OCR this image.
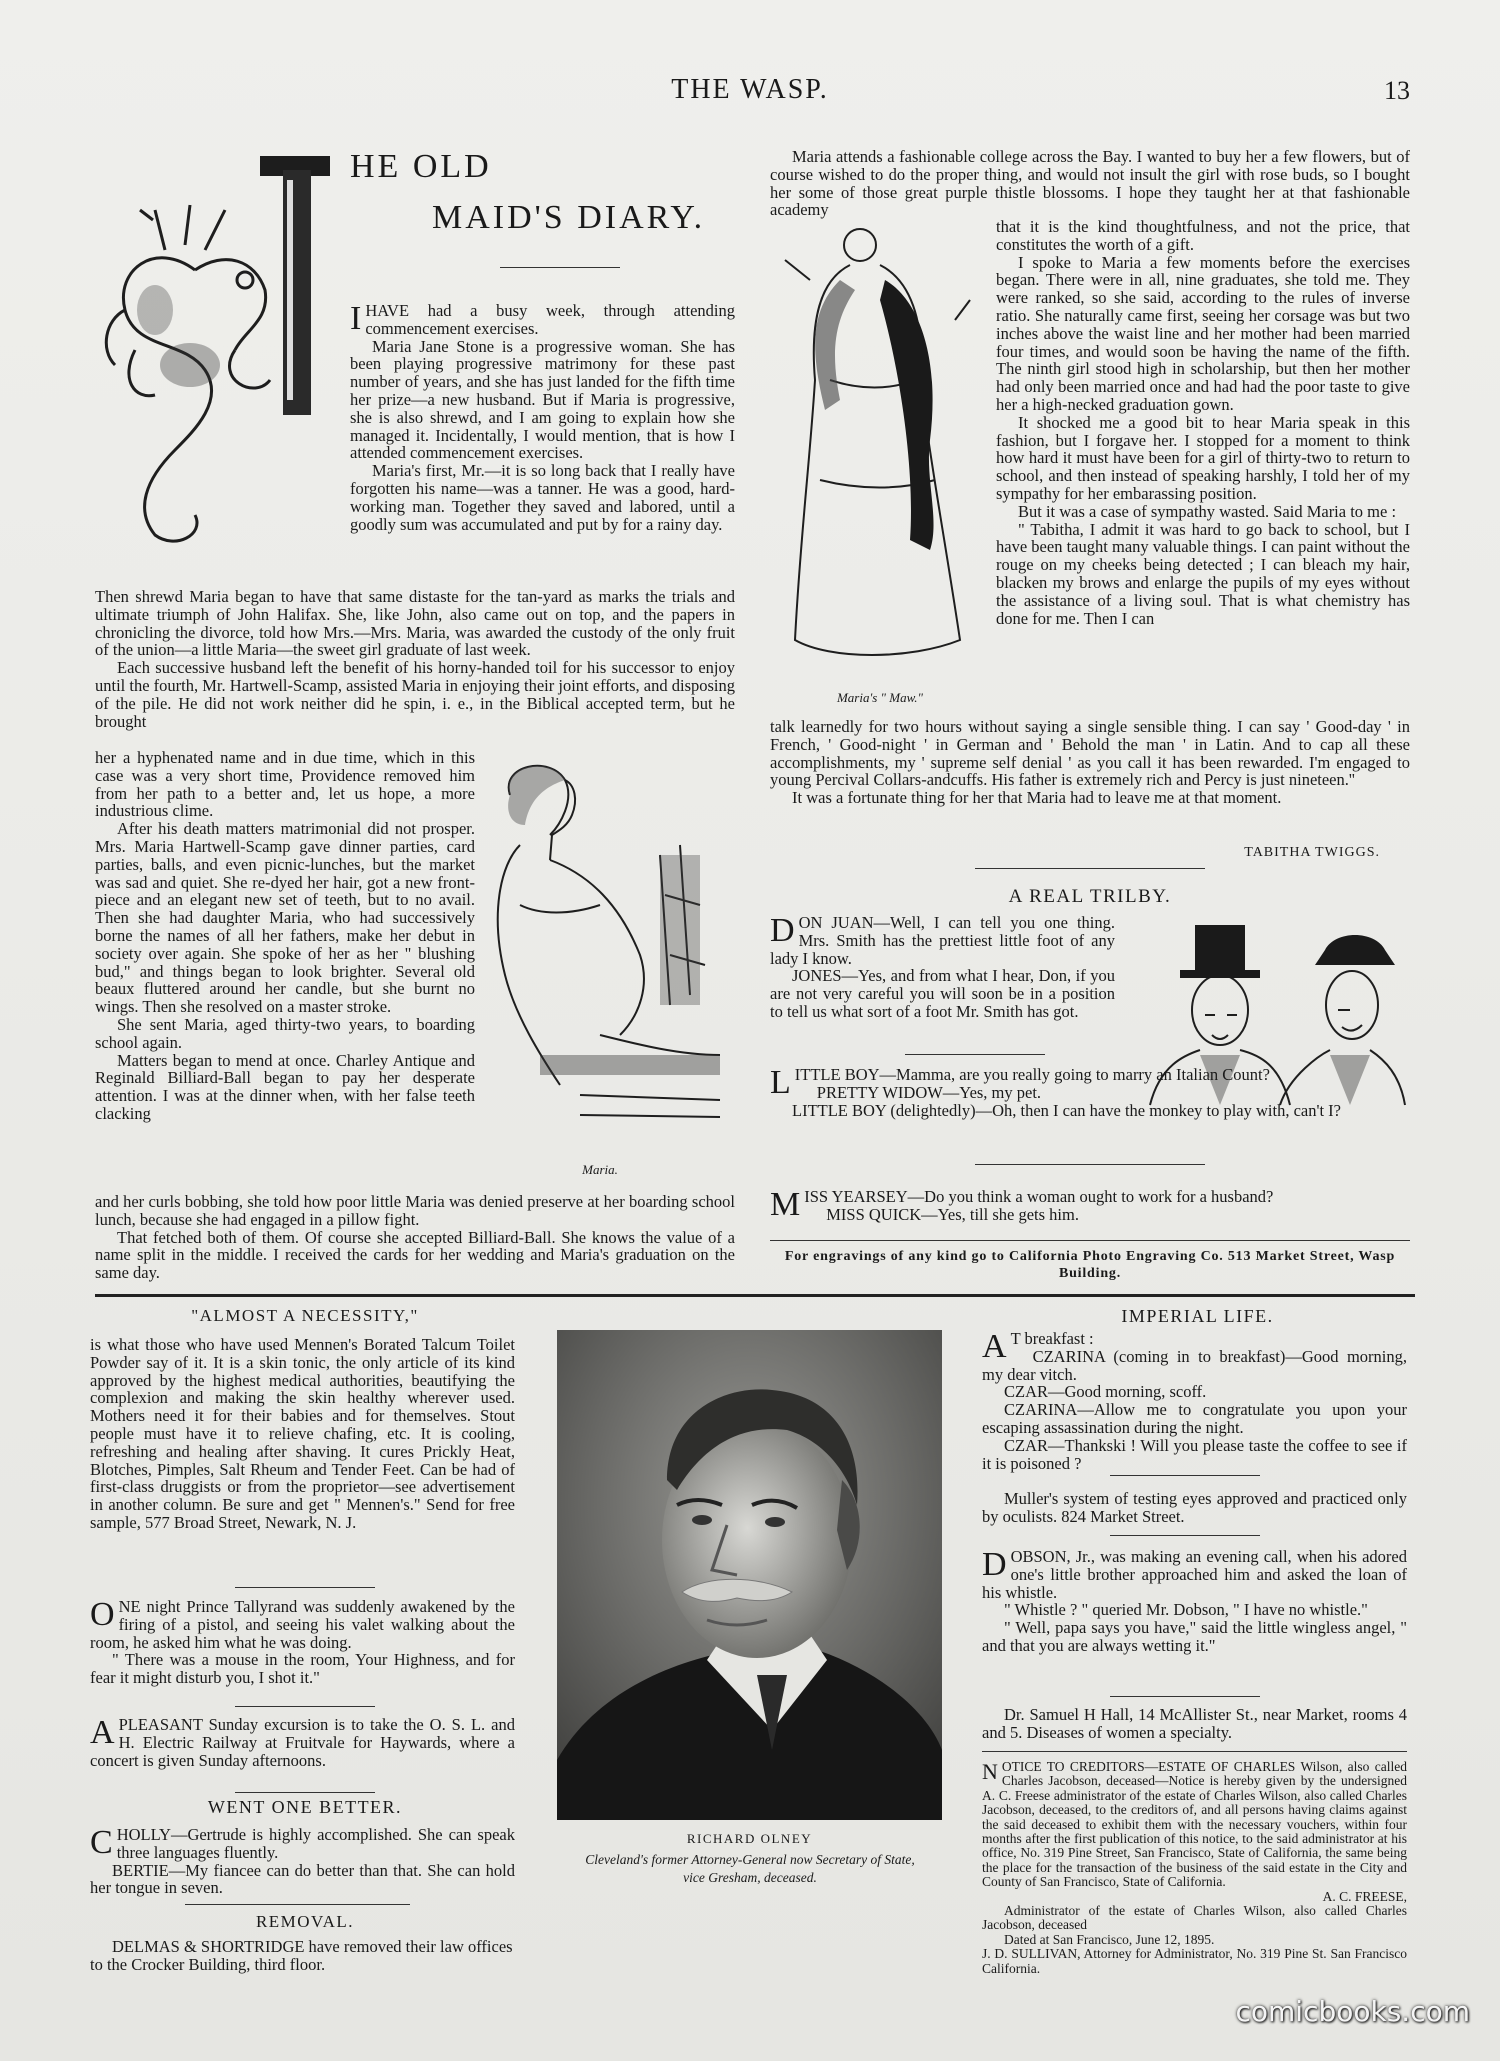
THE WASP.	13
HE OLD
MAID'S DIARY.

IHAVE had a busy week, through attending commencement exercises.

Maria Jane Stone is a progressive woman. She has been playing progressive matrimony for these past number of years, and she has just landed for the fifth time her prize—a new husband. But if Maria is progressive, she is also shrewd, and I am going to explain how she managed it. Incidentally, I would mention, that is how I attended commencement exercises.

Maria's first, Mr.—it is so long back that I really have forgotten his name—was a tanner. He was a good, hard-working man. Together they saved and labored, until a goodly sum was accumulated and put by for a rainy day.

Then shrewd Maria began to have that same distaste for the tan-yard as marks the trials and ultimate triumph of John Halifax. She, like John, also came out on top, and the papers in chronicling the divorce, told how Mrs.—Mrs. Maria, was awarded the custody of the only fruit of the union—a little Maria—the sweet girl graduate of last week.

Each successive husband left the benefit of his horny-handed toil for his successor to enjoy until the fourth, Mr. Hartwell-Scamp, assisted Maria in enjoying their joint efforts, and disposing of the pile. He did not work neither did he spin, i. e., in the Biblical accepted term, but he brought

her a hyphenated name and in due time, which in this case was a very short time, Providence removed him from her path to a better and, let us hope, a more industrious clime.

After his death matters matrimonial did not prosper. Mrs. Maria Hartwell-Scamp gave dinner parties, card parties, balls, and even picnic-lunches, but the market was sad and quiet. She re-dyed her hair, got a new front-piece and an elegant new set of teeth, but to no avail. Then she had daughter Maria, who had successively borne the names of all her fathers, make her debut in society over again. She spoke of her as her " blushing bud," and things began to look brighter. Several old beaux fluttered around her candle, but she burnt no wings. Then she resolved on a master stroke.

She sent Maria, aged thirty-two years, to boarding school again.

Matters began to mend at once. Charley Antique and Reginald Billiard-Ball began to pay her desperate attention. I was at the dinner when, with her false teeth clacking

Maria.

and her curls bobbing, she told how poor little Maria was denied preserve at her boarding school lunch, because she had engaged in a pillow fight.

That fetched both of them. Of course she accepted Billiard-Ball. She knows the value of a name split in the middle. I received the cards for her wedding and Maria's graduation on the same day.

Maria attends a fashionable college across the Bay. I wanted to buy her a few flowers, but of course wished to do the proper thing, and would not insult the girl with rose buds, so I bought her some of those great purple thistle blossoms. I hope they taught her at that fashionable academy

Maria's " Maw."

that it is the kind thoughtfulness, and not the price, that constitutes the worth of a gift.

I spoke to Maria a few moments before the exercises began. There were in all, nine graduates, she told me. They were ranked, so she said, according to the rules of inverse ratio. She naturally came first, seeing her corsage was but two inches above the waist line and her mother had been married four times, and would soon be having the name of the fifth. The ninth girl stood high in scholarship, but then her mother had only been married once and had had the poor taste to give her a high-necked graduation gown.

It shocked me a good bit to hear Maria speak in this fashion, but I forgave her. I stopped for a moment to think how hard it must have been for a girl of thirty-two to return to school, and then instead of speaking harshly, I told her of my sympathy for her embarassing position.

But it was a case of sympathy wasted. Said Maria to me :

" Tabitha, I admit it was hard to go back to school, but I have been taught many valuable things. I can paint without the rouge on my cheeks being detected ; I can bleach my hair, blacken my brows and enlarge the pupils of my eyes without the assistance of a living soul. That is what chemistry has done for me. Then I can

talk learnedly for two hours without saying a single sensible thing. I can say ' Good-day ' in French, ' Good-night ' in German and ' Behold the man ' in Latin. And to cap all these accomplishments, my ' supreme self denial ' as you call it has been rewarded. I'm engaged to young Percival Collars-andcuffs. His father is extremely rich and Percy is just nineteen.''

It was a fortunate thing for her that Maria had to leave me at that moment.

TABITHA TWIGGS.
A REAL TRILBY.

DON JUAN—Well, I can tell you one thing. Mrs. Smith has the prettiest little foot of any lady I know.

JONES—Yes, and from what I hear, Don, if you are not very careful you will soon be in a position to tell us what sort of a foot Mr. Smith has got.

LITTLE BOY—Mamma, are you really going to marry an Italian Count?

PRETTY WIDOW—Yes, my pet.

LITTLE BOY (delightedly)—Oh, then I can have the monkey to play with, can't I?

MISS YEARSEY—Do you think a woman ought to work for a husband?

MISS QUICK—Yes, till she gets him.

For engravings of any kind go to California Photo Engraving Co. 513 Market Street, Wasp Building.
"ALMOST A NECESSITY,"

is what those who have used Mennen's Borated Talcum Toilet Powder say of it. It is a skin tonic, the only article of its kind approved by the highest medical authorities, beautifying the complexion and making the skin healthy wherever used. Mothers need it for their babies and for themselves. Stout people must have it to relieve chafing, etc. It is cooling, refreshing and healing after shaving. It cures Prickly Heat, Blotches, Pimples, Salt Rheum and Tender Feet. Can be had of first-class druggists or from the proprietor—see advertisement in another column. Be sure and get " Mennen's." Send for free sample, 577 Broad Street, Newark, N. J.

ONE night Prince Tallyrand was suddenly awakened by the firing of a pistol, and seeing his valet walking about the room, he asked him what he was doing.

" There was a mouse in the room, Your Highness, and for fear it might disturb you, I shot it."

APLEASANT Sunday excursion is to take the O. S. L. and H. Electric Railway at Fruitvale for Haywards, where a concert is given Sunday afternoons.

WENT ONE BETTER.

CHOLLY—Gertrude is highly accomplished. She can speak three languages fluently.

BERTIE—My fiancee can do better than that. She can hold her tongue in seven.

REMOVAL.

DELMAS & SHORTRIDGE have removed their law offices to the Crocker Building, third floor.

RICHARD OLNEY
Cleveland's former Attorney-General now Secretary of State,
vice Gresham, deceased.
IMPERIAL LIFE.

A T breakfast :

CZARINA (coming in to breakfast)—Good morning, my dear vitch.

CZAR—Good morning, scoff.

CZARINA—Allow me to congratulate you upon your escaping assassination during the night.

CZAR—Thankski ! Will you please taste the coffee to see if it is poisoned ?

Muller's system of testing eyes approved and practiced only by oculists. 824 Market Street.

DOBSON, Jr., was making an evening call, when his adored one's little brother approached him and asked the loan of his whistle.

" Whistle ? " queried Mr. Dobson, " I have no whistle."

" Well, papa says you have," said the little wingless angel, " and that you are always wetting it."

Dr. Samuel H Hall, 14 McAllister St., near Market, rooms 4 and 5. Diseases of women a specialty.

NOTICE TO CREDITORS—ESTATE OF CHARLES Wilson, also called Charles Jacobson, deceased—Notice is hereby given by the undersigned A. C. Freese administrator of the estate of Charles Wilson, also called Charles Jacobson, deceased, to the creditors of, and all persons having claims against the said deceased to exhibit them with the necessary vouchers, within four months after the first publication of this notice, to the said administrator at his office, No. 319 Pine Street, San Francisco, State of California, the same being the place for the transaction of the business of the said estate in the City and County of San Francisco, State of California.

A. C. FREESE,

Administrator of the estate of Charles Wilson, also called Charles Jacobson, deceased

Dated at San Francisco, June 12, 1895.

J. D. SULLIVAN, Attorney for Administrator, No. 319 Pine St. San Francisco California.

comicbooks.com
